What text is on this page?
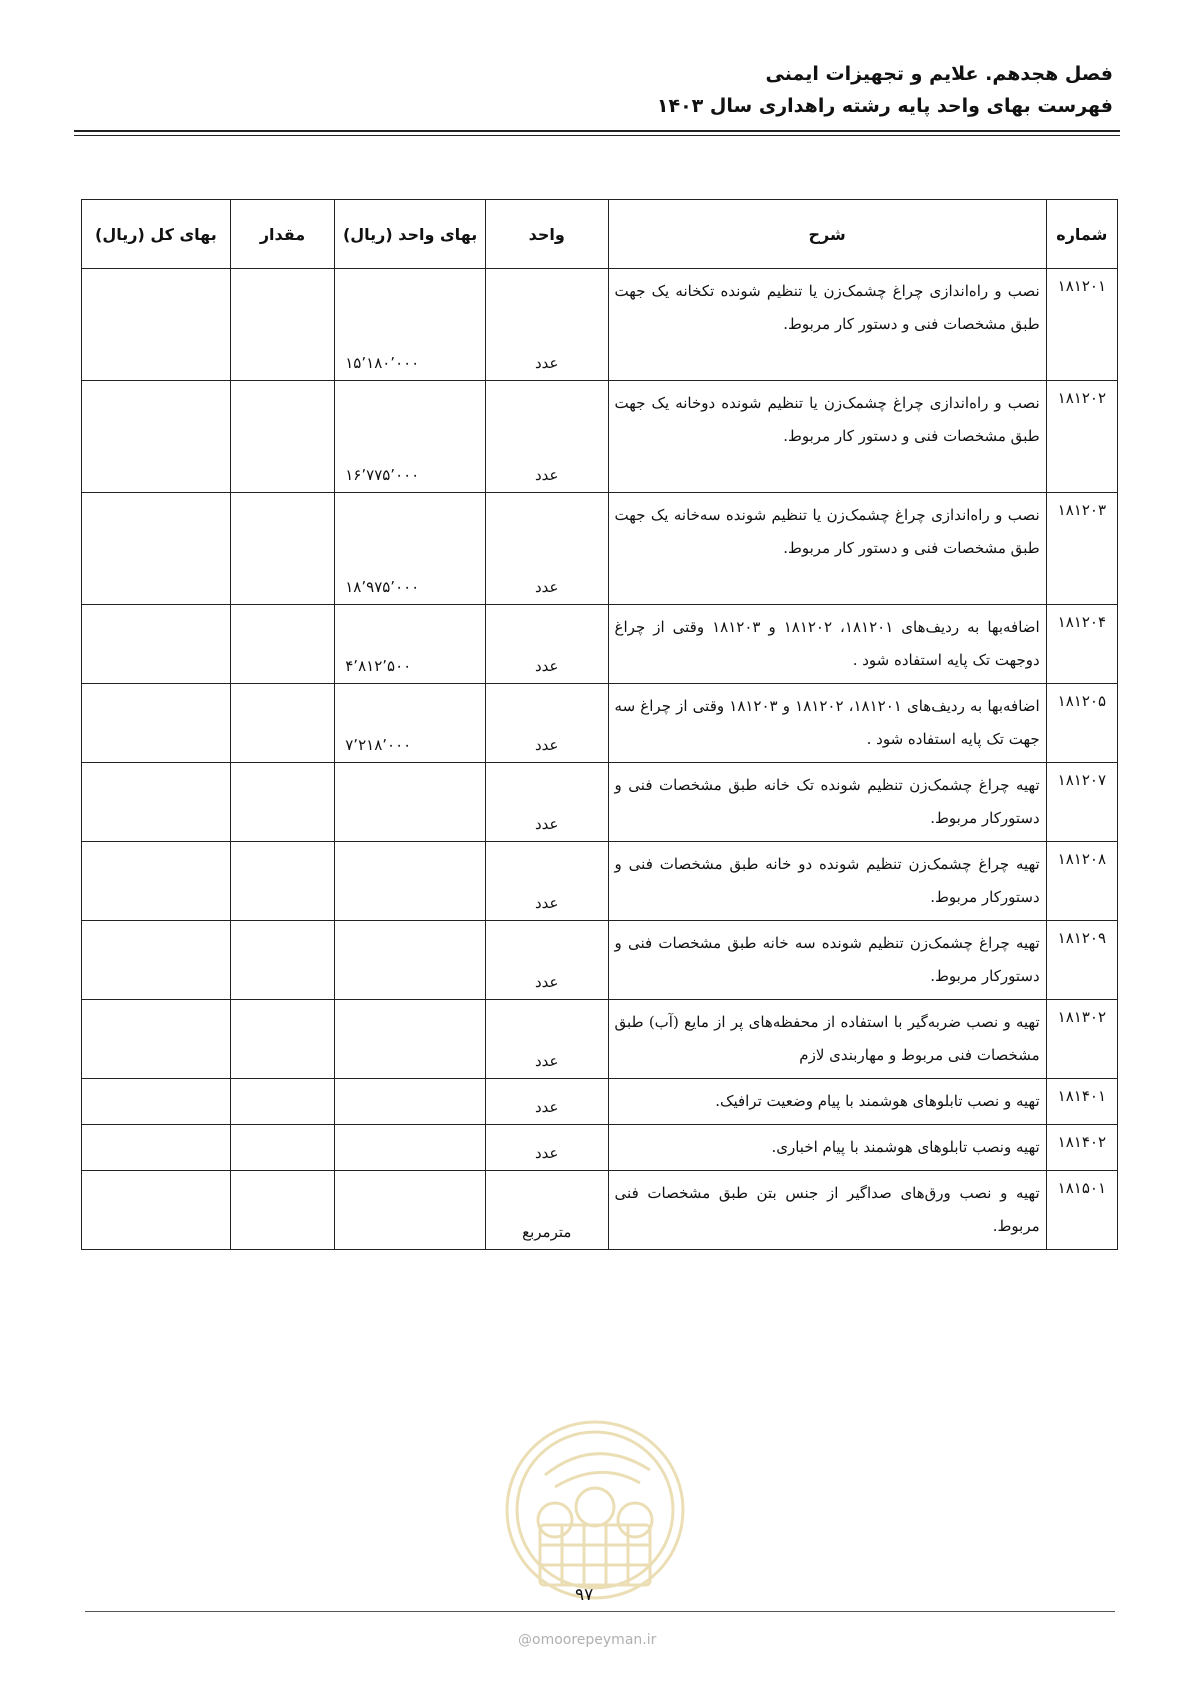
فصل هجدهم. علایم و تجهیزات ایمنی
فهرست بهای واحد پایه رشته راهداری سال ۱۴۰۳
شماره	شرح	واحد	بهای واحد (ریال)	مقدار	بهای کل (ریال)
۱۸۱۲۰۱	نصب و راه‌اندازی چراغ چشمک‌زن یا تنظیم شونده تکخانه یک جهت طبق مشخصات فنی و دستور کار مربوط.	عدد	۱۵٬۱۸۰٬۰۰۰		
۱۸۱۲۰۲	نصب و راه‌اندازی چراغ چشمک‌زن یا تنظیم شونده دوخانه یک جهت طبق مشخصات فنی و دستور کار مربوط.	عدد	۱۶٬۷۷۵٬۰۰۰		
۱۸۱۲۰۳	نصب و راه‌اندازی چراغ چشمک‌زن یا تنظیم شونده سه‌خانه یک جهت طبق مشخصات فنی و دستور کار مربوط.	عدد	۱۸٬۹۷۵٬۰۰۰		
۱۸۱۲۰۴	اضافه‌بها به ردیف‌های ۱۸۱۲۰۱، ۱۸۱۲۰۲ و ۱۸۱۲۰۳ وقتی از چراغ دوجهت تک پایه استفاده شود .	عدد	۴٬۸۱۲٬۵۰۰		
۱۸۱۲۰۵	اضافه‌بها به ردیف‌های ۱۸۱۲۰۱، ۱۸۱۲۰۲ و ۱۸۱۲۰۳ وقتی از چراغ سه جهت تک پایه استفاده شود .	عدد	۷٬۲۱۸٬۰۰۰		
۱۸۱۲۰۷	تهیه چراغ چشمک‌زن تنظیم شونده تک خانه طبق مشخصات فنی و دستورکار مربوط.	عدد			
۱۸۱۲۰۸	تهیه چراغ چشمک‌زن تنظیم شونده دو خانه طبق مشخصات فنی و دستورکار مربوط.	عدد			
۱۸۱۲۰۹	تهیه چراغ چشمک‌زن تنظیم شونده سه خانه طبق مشخصات فنی و دستورکار مربوط.	عدد			
۱۸۱۳۰۲	تهیه و نصب ضربه‌گیر با استفاده از محفظه‌های پر از مایع (آب) طبق مشخصات فنی مربوط و مهاربندی لازم	عدد			
۱۸۱۴۰۱	تهیه و نصب تابلوهای هوشمند با پیام وضعیت ترافیک.	عدد			
۱۸۱۴۰۲	تهیه ونصب تابلوهای هوشمند با پیام اخباری.	عدد			
۱۸۱۵۰۱	تهیه و نصب ورق‌های صداگیر از جنس بتن طبق مشخصات فنی مربوط.	مترمربع			
۹۷
@omoorepeyman.ir
